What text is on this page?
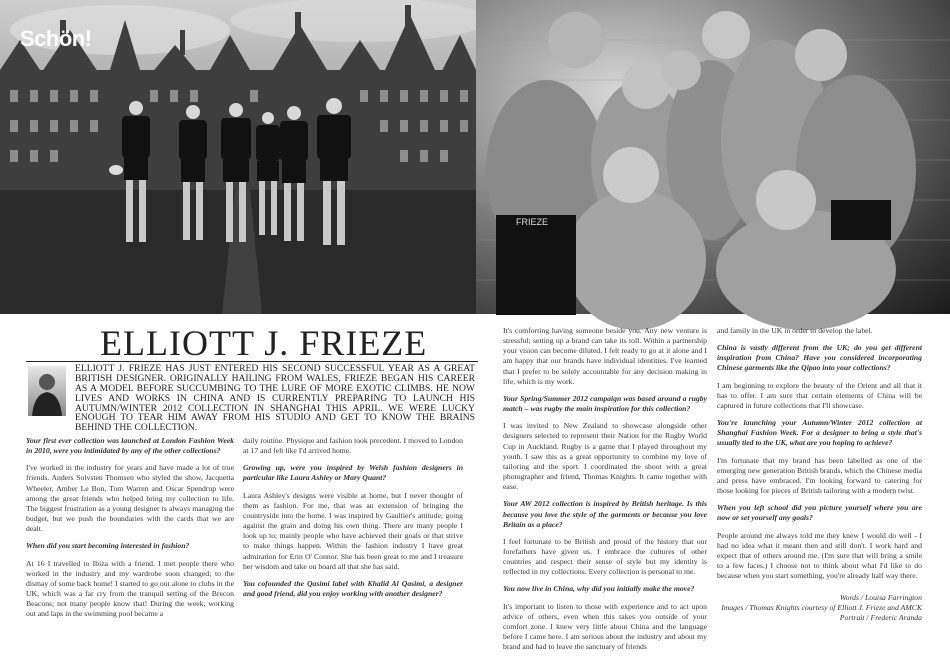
Schön!
FRIEZE
ELLIOTT J. FRIEZE

ELLIOTT J. FRIEZE HAS JUST ENTERED HIS SECOND SUCCESSFUL YEAR AS A GREAT BRITISH DESIGNER. ORIGINALLY HAILING FROM WALES, FRIEZE BEGAN HIS CAREER AS A MODEL BEFORE SUCCUMBING TO THE LURE OF MORE EXOTIC CLIMBS. HE NOW LIVES AND WORKS IN CHINA AND IS CURRENTLY PREPARING TO LAUNCH HIS AUTUMN/WINTER 2012 COLLECTION IN SHANGHAI THIS APRIL. WE WERE LUCKY ENOUGH TO TEAR HIM AWAY FROM HIS STUDIO AND GET TO KNOW THE BRAINS BEHIND THE COLLECTION.

Your first ever collection was launched at London Fashion Week in 2010, were you intimidated by any of the other collections?

I've worked in the industry for years and have made a lot of true friends. Anders Solvsten Thomsen who styled the show, Jacquetta Wheeler, Amber Le Bon, Tom Warren and Oscar Spendrup were among the great friends who helped bring my collection to life. The biggest frustration as a young designer is always managing the budget, but we push the boundaries with the cards that we are dealt.

When did you start becoming interested in fashion?

At 16 I travelled to Ibiza with a friend. I met people there who worked in the industry and my wardrobe soon changed; to the dismay of some back home! I started to go out alone to clubs in the UK, which was a far cry from the tranquil setting of the Brecon Beacons; not many people know that! During the week, working out and laps in the swimming pool became a

daily routine. Physique and fashion took precedent. I moved to London at 17 and felt like I'd arrived home.

Growing up, were you inspired by Welsh fashion designers in particular like Laura Ashley or Mary Quant?

Laura Ashley's designs were visible at home, but I never thought of them as fashion. For me, that was an extension of bringing the countryside into the home. I was inspired by Gaultier's attitude; going against the grain and doing his own thing. There are many people I look up to; mainly people who have achieved their goals or that strive to make things happen. Within the fashion industry I have great admiration for Erin O' Connor. She has been great to me and I treasure her wisdom and take on board all that she has said.

You cofounded the Qasimi label with Khalid Al Qasimi, a designer and good friend, did you enjoy working with another designer?

It's comforting having someone beside you. Any new venture is stressful; setting up a brand can take its toll. Within a partnership your vision can become diluted. I felt ready to go at it alone and I am happy that our brands have individual identities. I've learned that I prefer to be solely accountable for any decision making in life, which is my work.

Your Spring/Summer 2012 campaign was based around a rugby match – was rugby the main inspiration for this collection?

I was invited to New Zealand to showcase alongside other designers selected to represent their Nation for the Rugby World Cup in Auckland. Rugby is a game that I played throughout my youth. I saw this as a great opportunity to combine my love of tailoring and the sport. I coordinated the shoot with a great photographer and friend, Thomas Knights. It came together with ease.

Your AW 2012 collection is inspired by British heritage. Is this because you love the style of the garments or because you love Britain as a place?

I feel fortunate to be British and proud of the history that our forefathers have given us. I embrace the cultures of other countries and respect their sense of style but my identity is reflected in my collections. Every collection is personal to me.

You now live in China, why did you initially make the move?

It's important to listen to those with experience and to act upon advice of others, even when this takes you outside of your comfort zone. I knew very little about China and the language before I came here. I am serious about the industry and about my brand and had to leave the sanctuary of friends

and family in the UK in order to develop the label.

China is vastly different from the UK; do you get different inspiration from China? Have you considered incorporating Chinese garments like the Qipao into your collections?

I am beginning to explore the beauty of the Orient and all that it has to offer. I am sure that certain elements of China will be captured in future collections that I'll showcase.

You're launching your Autumn/Winter 2012 collection at Shanghai Fashion Week. For a designer to bring a style that's usually tied to the UK, what are you hoping to achieve?

I'm fortunate that my brand has been labelled as one of the emerging new generation British brands, which the Chinese media and press have embraced. I'm looking forward to catering for those looking for pieces of British tailoring with a modern twist.

When you left school did you picture yourself where you are now or set yourself any goals?

People around me always told me they knew I would do well - I had no idea what it meant then and still don't. I work hard and expect that of others around me. (I'm sure that will bring a smile to a few faces.) I choose not to think about what I'd like to do because when you start something, you're already half way there.

Words / Louisa Farrington
Images / Thomas Knights courtesy of Elliott J. Frieze and AMCK
Portrait / Frederic Aranda
